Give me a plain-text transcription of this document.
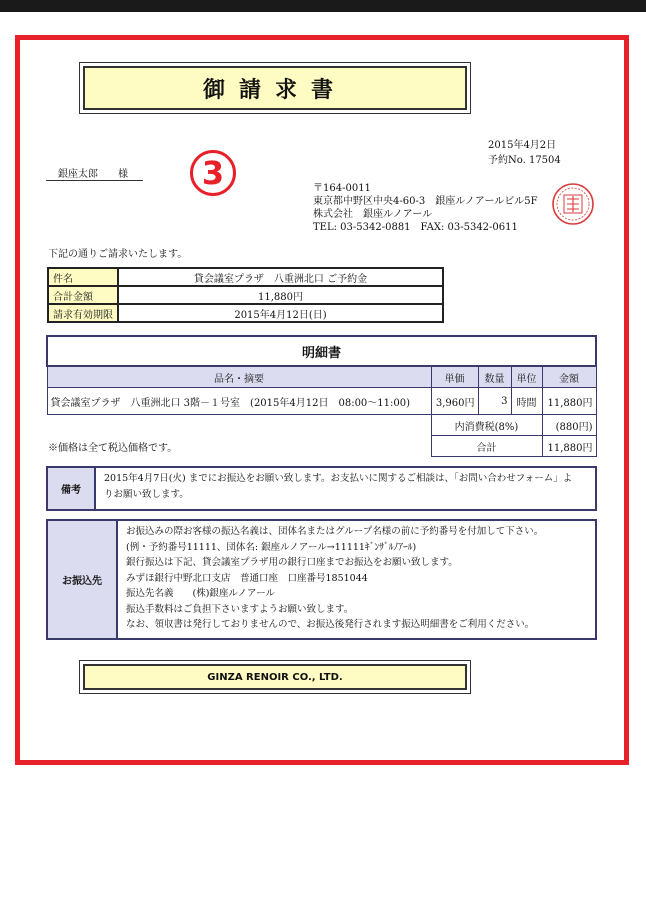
御請求書
2015年4月2日
予約No. 17504
3
銀座太郎　　様
〒164-0011
東京都中野区中央4-60-3　銀座ルノアールビル5F
株式会社　銀座ルノアール
TEL: 03-5342-0881　FAX: 03-5342-0611
下記の通りご請求いたします。
件名	貸会議室プラザ　八重洲北口 ご予約金
合計金額	11,880円
請求有効期限	2015年4月12日(日)
明細書				
品名・摘要	単価	数量	単位	金額
貸会議室プラザ　八重洲北口 3階－１号室　(2015年4月12日　08:00～11:00)	3,960円	3	時間	11,880円
	内消費税(8%)			(880円)
	合計			11,880円
※価格は全て税込価格です。
備考
2015年4月7日(火) までにお振込をお願い致します。お支払いに関するご相談は、「お問い合わせフォーム」よ
りお願い致します。
お振込先
お振込みの際お客様の振込名義は、団体名またはグループ名様の前に予約番号を付加して下さい。
(例・予約番号11111、団体名: 銀座ルノアール→11111ｷﾞﾝｻﾞﾙﾉｱｰﾙ)
銀行振込は下記、貸会議室プラザ用の銀行口座までお振込をお願い致します。
みずほ銀行中野北口支店　普通口座　口座番号1851044
振込先名義　　(株)銀座ルノアール
振込手数料はご負担下さいますようお願い致します。
なお、領収書は発行しておりませんので、お振込後発行されます振込明細書をご利用ください。
GINZA RENOIR CO., LTD.
